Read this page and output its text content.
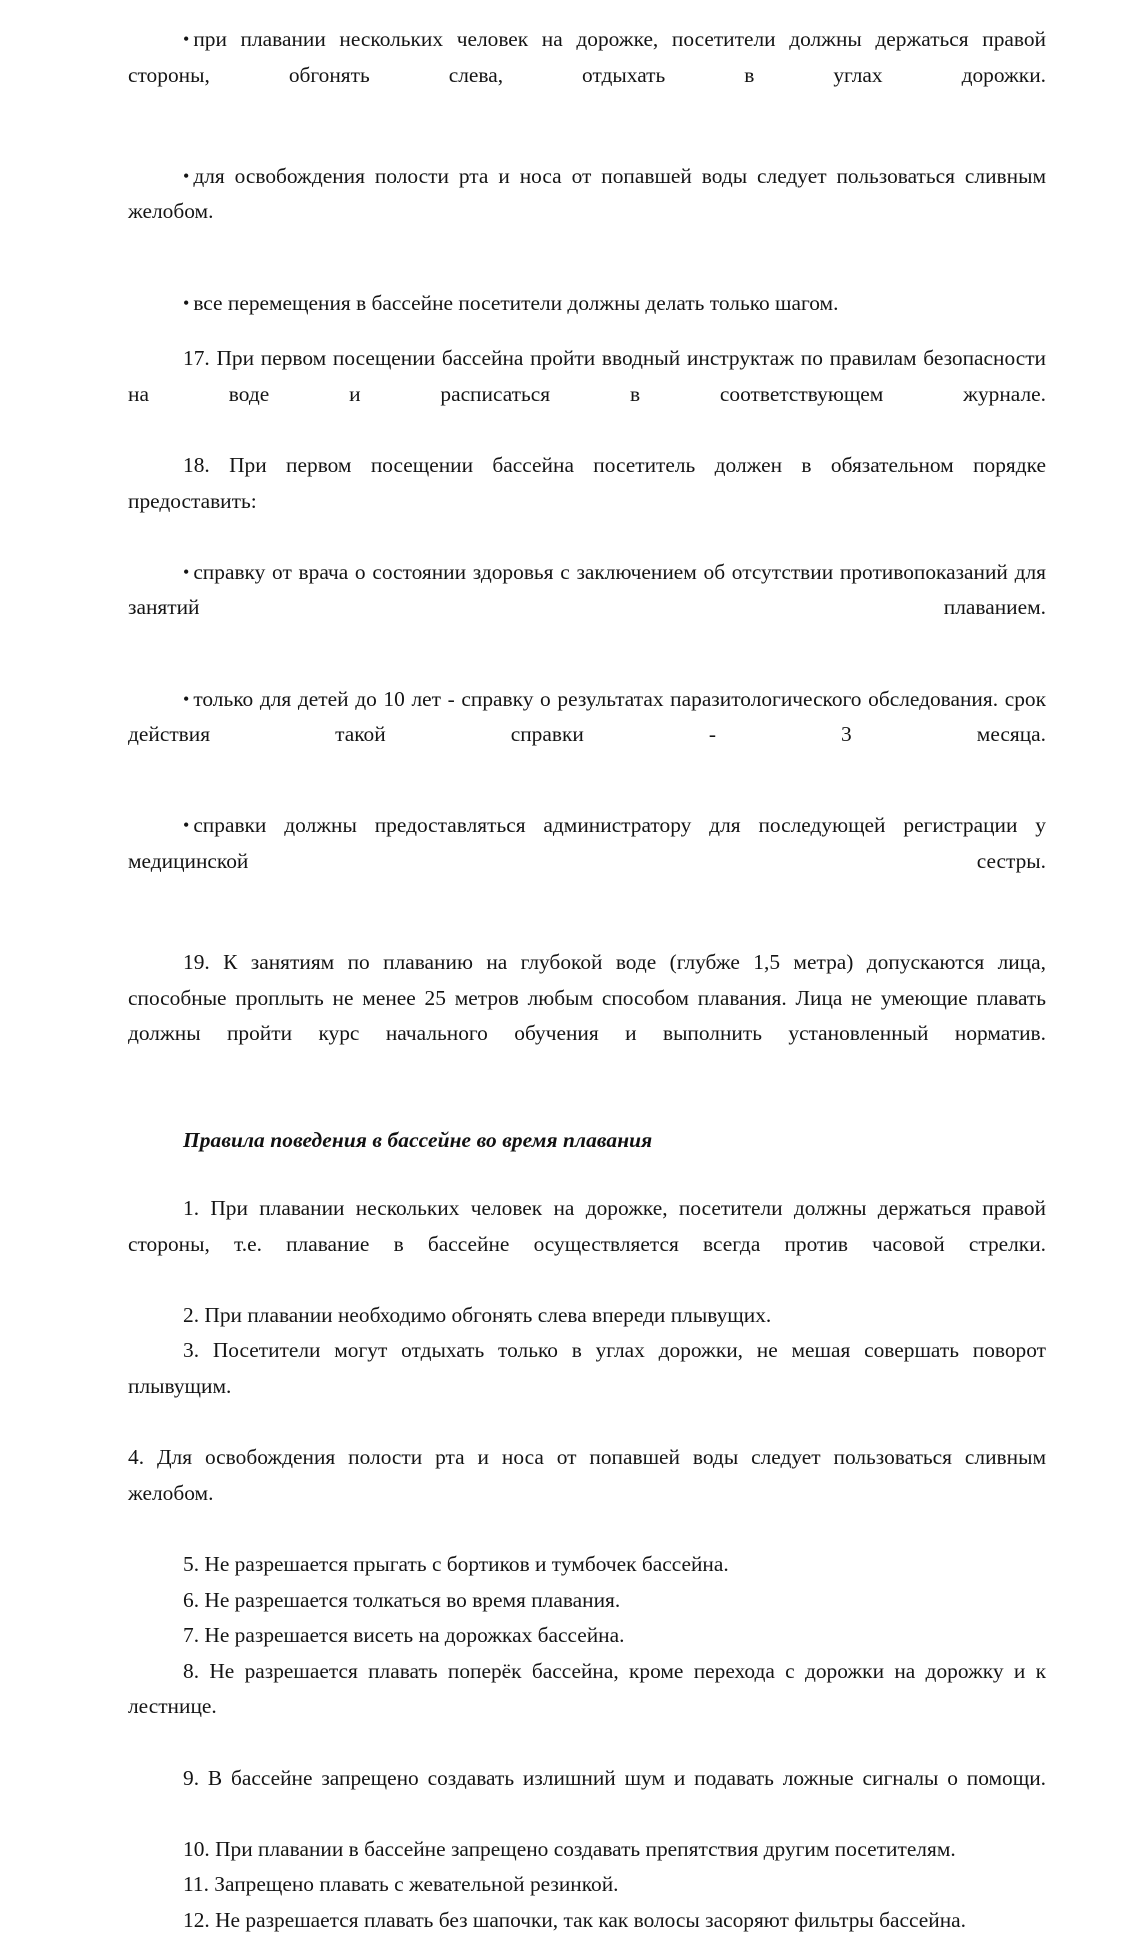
• при плавании нескольких человек на дорожке, посетители должны держаться правой стороны, обгонять слева, отдыхать в углах дорожки.

• для освобождения полости рта и носа от попавшей воды следует пользоваться сливным желобом.

• все перемещения в бассейне посетители должны делать только шагом.

17. При первом посещении бассейна пройти вводный инструктаж по правилам безопасности на воде и расписаться в соответствующем журнале.

18. При первом посещении бассейна посетитель должен в обязательном порядке предоставить:

• справку от врача о состоянии здоровья с заключением об отсутствии противопоказаний для занятий плаванием.

• только для детей до 10 лет - справку о результатах паразитологического обследования. срок действия такой справки - 3 месяца.

• справки должны предоставляться администратору для последующей регистрации у медицинской сестры.

19. К занятиям по плаванию на глубокой воде (глубже 1,5 метра) допускаются лица, способные проплыть не менее 25 метров любым способом плавания. Лица не умеющие плавать должны пройти курс начального обучения и выполнить установленный норматив.

Правила поведения в бассейне во время плавания

1. При плавании нескольких человек на дорожке, посетители должны держаться правой стороны, т.е. плавание в бассейне осуществляется всегда против часовой стрелки.

2. При плавании необходимо обгонять слева впереди плывущих.

3. Посетители могут отдыхать только в углах дорожки, не мешая совершать поворот плывущим.

4. Для освобождения полости рта и носа от попавшей воды следует пользоваться сливным желобом.

5. Не разрешается прыгать с бортиков и тумбочек бассейна.

6. Не разрешается толкаться во время плавания.

7. Не разрешается висеть на дорожках бассейна.

8. Не разрешается плавать поперёк бассейна, кроме перехода с дорожки на дорожку и к лестнице.

9. В бассейне запрещено создавать излишний шум и подавать ложные сигналы о помощи.

10. При плавании в бассейне запрещено создавать препятствия другим посетителям.

11. Запрещено плавать с жевательной резинкой.

12. Не разрешается плавать без шапочки, так как волосы засоряют фильтры бассейна.
